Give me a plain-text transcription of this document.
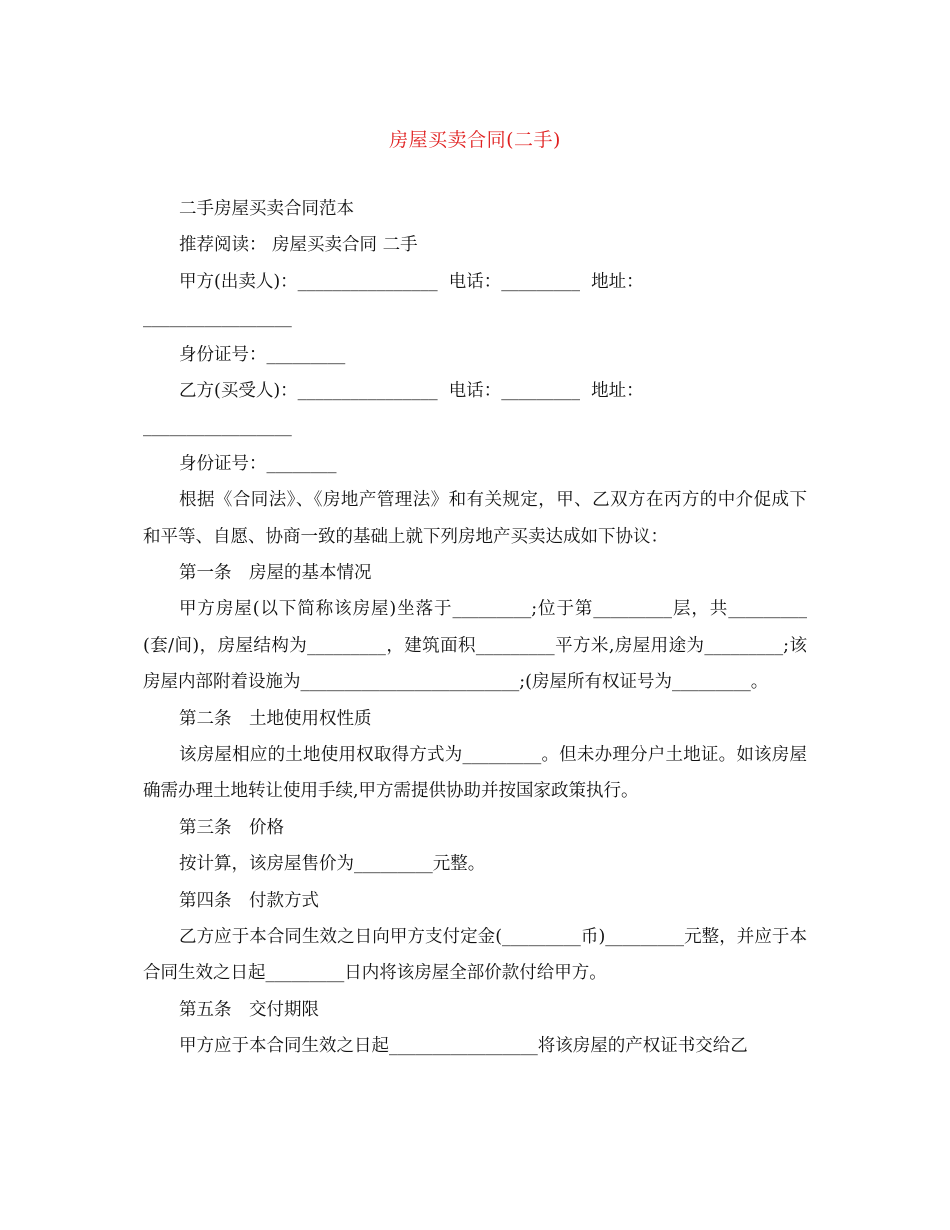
房屋买卖合同(二手)
二手房屋买卖合同范本
推荐阅读： 房屋买卖合同 二手
甲方(出卖人)：________________  电话：_________  地址：
_________________
身份证号：_________
乙方(买受人)：________________  电话：_________  地址：
_________________
身份证号：________
根据《合同法》、《房地产管理法》和有关规定，甲、乙双方在丙方的中介促成下和平等、自愿、协商一致的基础上就下列房地产买卖达成如下协议：
第一条　房屋的基本情况
甲方房屋(以下简称该房屋)坐落于_________;位于第_________层，共_________(套/间)，房屋结构为_________，建筑面积_________平方米,房屋用途为_________;该房屋内部附着设施为_________________________;(房屋所有权证号为_________。
第二条　土地使用权性质
该房屋相应的土地使用权取得方式为_________。但未办理分户土地证。如该房屋确需办理土地转让使用手续,甲方需提供协助并按国家政策执行。
第三条　价格
按计算，该房屋售价为_________元整。
第四条　付款方式
乙方应于本合同生效之日向甲方支付定金(_________币)_________元整，并应于本合同生效之日起_________日内将该房屋全部价款付给甲方。
第五条　交付期限
甲方应于本合同生效之日起_________________将该房屋的产权证书交给乙
